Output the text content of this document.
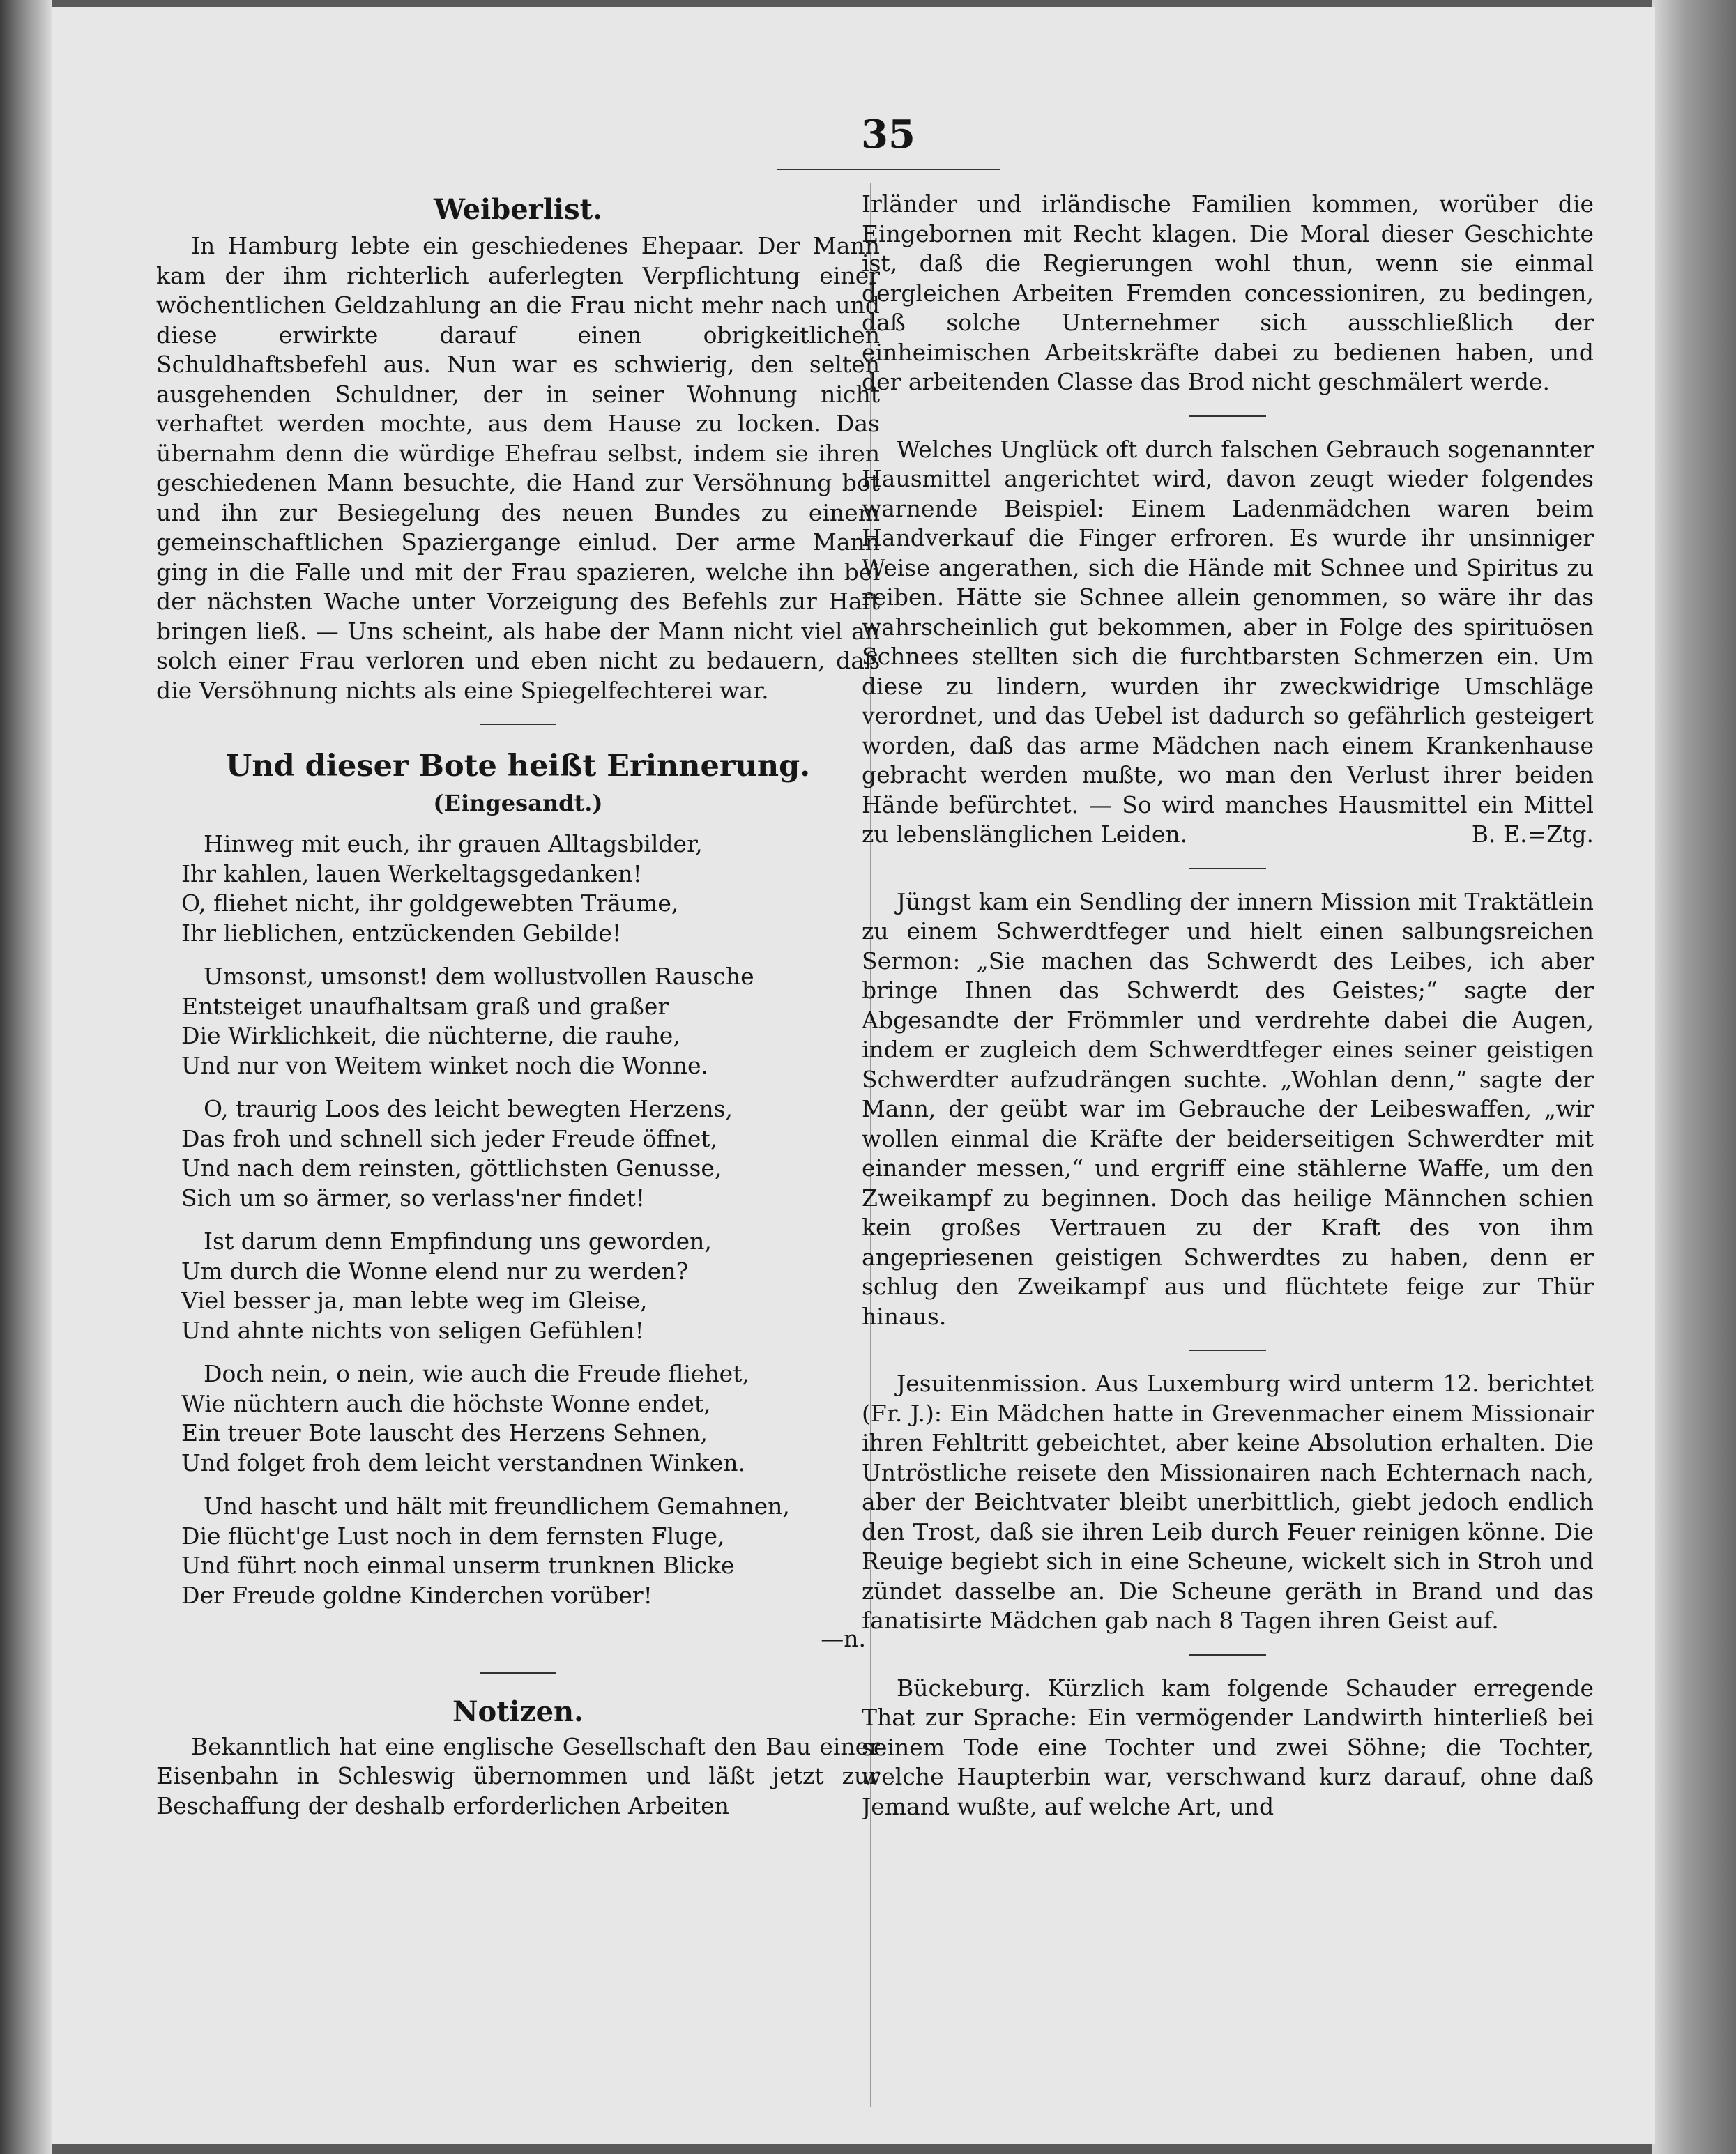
35
Weiberlist.

In Hamburg lebte ein geschiedenes Ehepaar. Der Mann kam der ihm richterlich auferlegten Verpflichtung einer wöchentlichen Geldzahlung an die Frau nicht mehr nach und diese erwirkte darauf einen obrigkeitlichen Schuldhaftsbefehl aus. Nun war es schwierig, den selten ausgehenden Schuldner, der in seiner Wohnung nicht verhaftet werden mochte, aus dem Hause zu locken. Das übernahm denn die würdige Ehefrau selbst, indem sie ihren geschiedenen Mann besuchte, die Hand zur Versöhnung bot und ihn zur Besiegelung des neuen Bundes zu einem gemeinschaftlichen Spaziergange einlud. Der arme Mann ging in die Falle und mit der Frau spazieren, welche ihn bei der nächsten Wache unter Vorzeigung des Befehls zur Haft bringen ließ. — Uns scheint, als habe der Mann nicht viel an solch einer Frau verloren und eben nicht zu bedauern, daß die Versöhnung nichts als eine Spiegelfechterei war.

Und dieser Bote heißt Erinnerung.
(Eingesandt.)
Hinweg mit euch, ihr grauen Alltagsbilder,
Ihr kahlen, lauen Werkeltagsgedanken!
O, fliehet nicht, ihr goldgewebten Träume,
Ihr lieblichen, entzückenden Gebilde!
Umsonst, umsonst! dem wollustvollen Rausche
Entsteiget unaufhaltsam graß und graßer
Die Wirklichkeit, die nüchterne, die rauhe,
Und nur von Weitem winket noch die Wonne.
O, traurig Loos des leicht bewegten Herzens,
Das froh und schnell sich jeder Freude öffnet,
Und nach dem reinsten, göttlichsten Genusse,
Sich um so ärmer, so verlass'ner findet!
Ist darum denn Empfindung uns geworden,
Um durch die Wonne elend nur zu werden?
Viel besser ja, man lebte weg im Gleise,
Und ahnte nichts von seligen Gefühlen!
Doch nein, o nein, wie auch die Freude fliehet,
Wie nüchtern auch die höchste Wonne endet,
Ein treuer Bote lauscht des Herzens Sehnen,
Und folget froh dem leicht verstandnen Winken.
Und hascht und hält mit freundlichem Gemahnen,
Die flücht'ge Lust noch in dem fernsten Fluge,
Und führt noch einmal unserm trunknen Blicke
Der Freude goldne Kinderchen vorüber!
—n.
Notizen.

Bekanntlich hat eine englische Gesellschaft den Bau einer Eisenbahn in Schleswig übernommen und läßt jetzt zur Beschaffung der deshalb erforderlichen Arbeiten

Irländer und irländische Familien kommen, worüber die Eingebornen mit Recht klagen. Die Moral dieser Geschichte ist, daß die Regierungen wohl thun, wenn sie einmal dergleichen Arbeiten Fremden concessioniren, zu bedingen, daß solche Unternehmer sich ausschließlich der einheimischen Arbeitskräfte dabei zu bedienen haben, und der arbeitenden Classe das Brod nicht geschmälert werde.

Welches Unglück oft durch falschen Gebrauch sogenannter Hausmittel angerichtet wird, davon zeugt wieder folgendes warnende Beispiel: Einem Ladenmädchen waren beim Handverkauf die Finger erfroren. Es wurde ihr unsinniger Weise angerathen, sich die Hände mit Schnee und Spiritus zu reiben. Hätte sie Schnee allein genommen, so wäre ihr das wahrscheinlich gut bekommen, aber in Folge des spirituösen Schnees stellten sich die furchtbarsten Schmerzen ein. Um diese zu lindern, wurden ihr zweckwidrige Umschläge verordnet, und das Uebel ist dadurch so gefährlich gesteigert worden, daß das arme Mädchen nach einem Krankenhause gebracht werden mußte, wo man den Verlust ihrer beiden Hände befürchtet. — So wird manches Hausmittel ein Mittel zu lebenslänglichen Leiden.	B. E.=Ztg.

Jüngst kam ein Sendling der innern Mission mit Traktätlein zu einem Schwerdtfeger und hielt einen salbungsreichen Sermon: „Sie machen das Schwerdt des Leibes, ich aber bringe Ihnen das Schwerdt des Geistes;“ sagte der Abgesandte der Frömmler und verdrehte dabei die Augen, indem er zugleich dem Schwerdtfeger eines seiner geistigen Schwerdter aufzudrängen suchte. „Wohlan denn,“ sagte der Mann, der geübt war im Gebrauche der Leibeswaffen, „wir wollen einmal die Kräfte der beiderseitigen Schwerdter mit einander messen,“ und ergriff eine stählerne Waffe, um den Zweikampf zu beginnen. Doch das heilige Männchen schien kein großes Vertrauen zu der Kraft des von ihm angepriesenen geistigen Schwerdtes zu haben, denn er schlug den Zweikampf aus und flüchtete feige zur Thür hinaus.

Jesuitenmission. Aus Luxemburg wird unterm 12. berichtet (Fr. J.): Ein Mädchen hatte in Grevenmacher einem Missionair ihren Fehltritt gebeichtet, aber keine Absolution erhalten. Die Untröstliche reisete den Missionairen nach Echternach nach, aber der Beichtvater bleibt unerbittlich, giebt jedoch endlich den Trost, daß sie ihren Leib durch Feuer reinigen könne. Die Reuige begiebt sich in eine Scheune, wickelt sich in Stroh und zündet dasselbe an. Die Scheune geräth in Brand und das fanatisirte Mädchen gab nach 8 Tagen ihren Geist auf.

Bückeburg. Kürzlich kam folgende Schauder erregende That zur Sprache: Ein vermögender Landwirth hinterließ bei seinem Tode eine Tochter und zwei Söhne; die Tochter, welche Haupterbin war, verschwand kurz darauf, ohne daß Jemand wußte, auf welche Art, und
